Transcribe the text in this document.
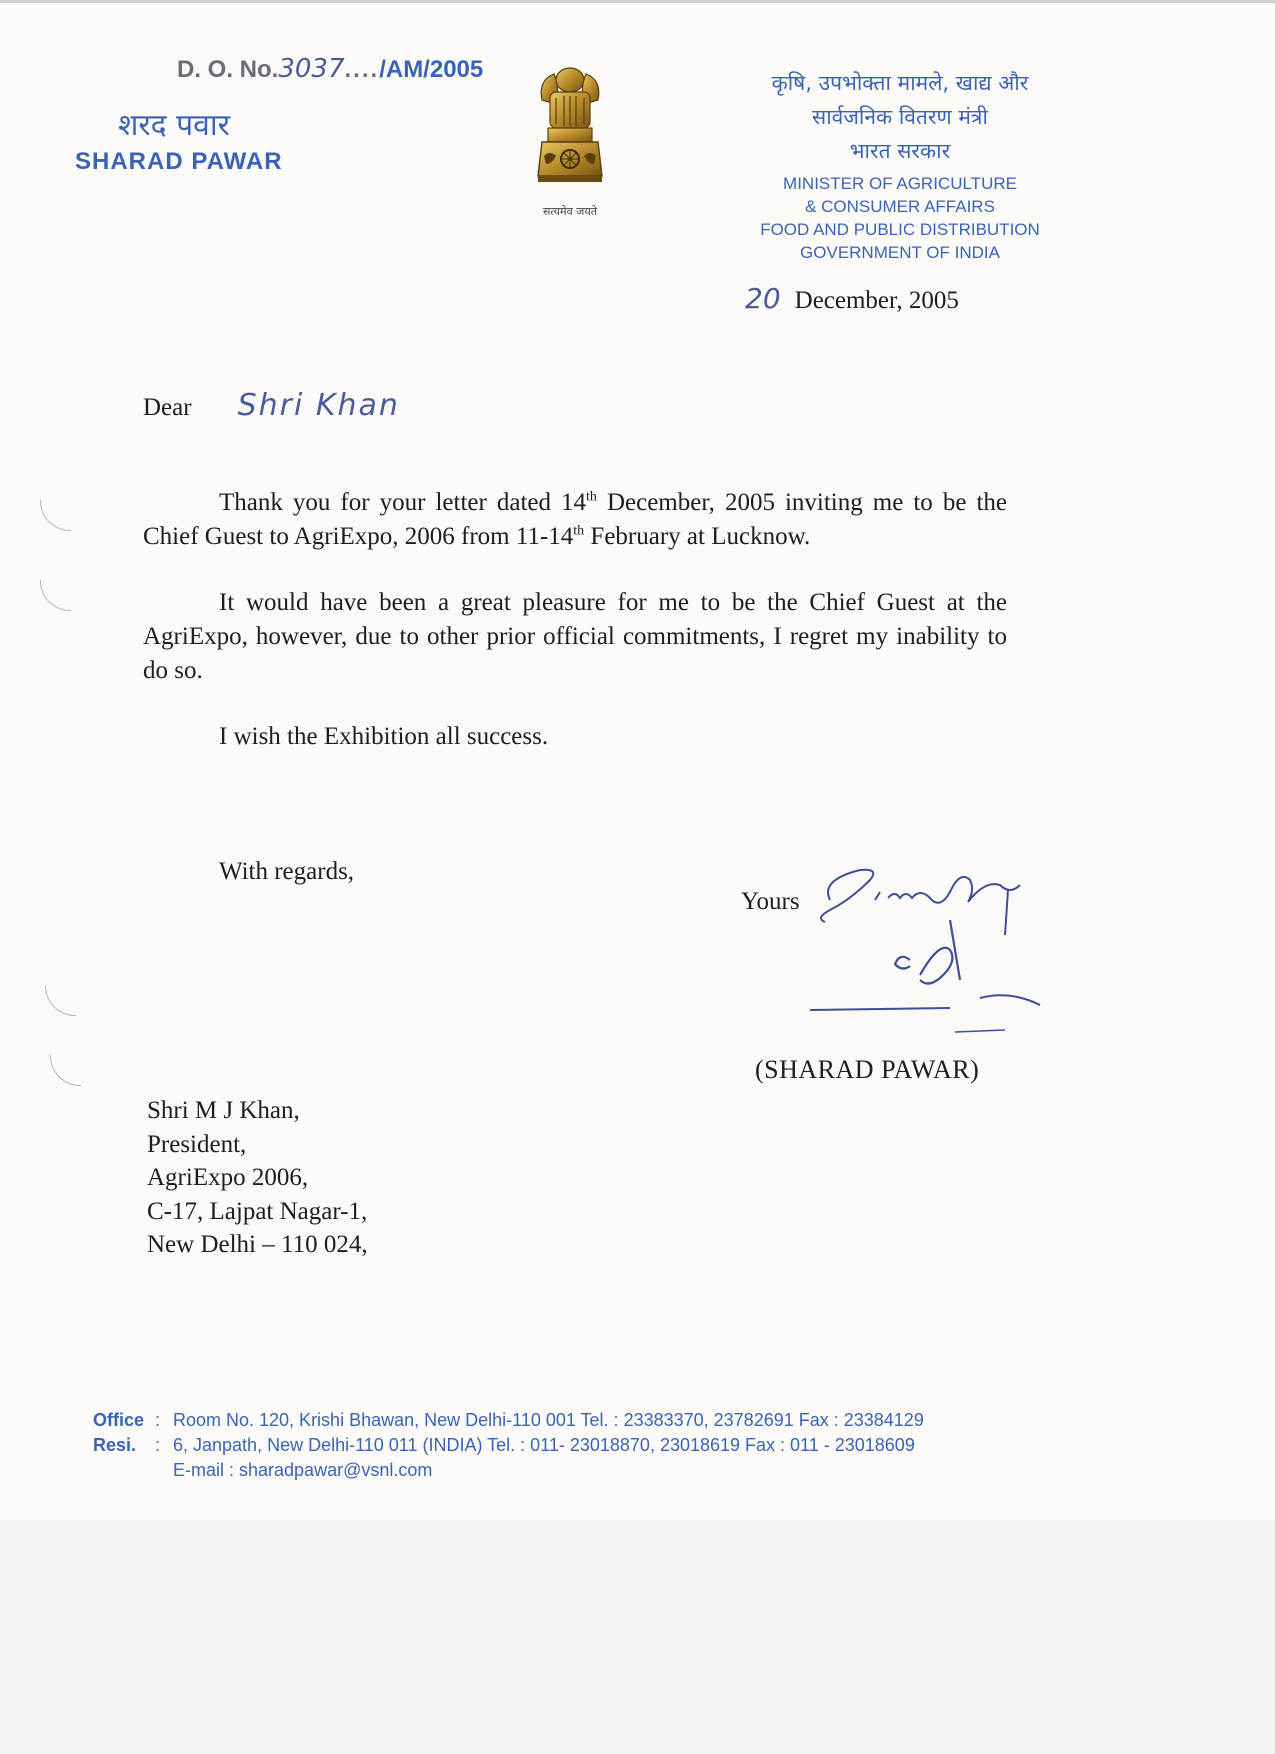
D. O. No.3037..../AM/2005
शरद पवार
SHARAD PAWAR
सत्यमेव जयते
कृषि, उपभोक्ता मामले, खाद्य और
सार्वजनिक वितरण मंत्री
भारत सरकार
MINISTER OF AGRICULTURE
& CONSUMER AFFAIRS
FOOD AND PUBLIC DISTRIBUTION
GOVERNMENT OF INDIA
20 December, 2005
Dear Shri Khan

Thank you for your letter dated 14th December, 2005 inviting me to be the Chief Guest to AgriExpo, 2006 from 11-14th February at Lucknow.

It would have been a great pleasure for me to be the Chief Guest at the AgriExpo, however, due to other prior official commitments, I regret my inability to do so.

I wish the Exhibition all success.

With regards,
Yours
(SHARAD PAWAR)
Shri M J Khan,
President,
AgriExpo 2006,
C-17, Lajpat Nagar-1,
New Delhi – 110 024,
Office : Room No. 120, Krishi Bhawan, New Delhi-110 001 Tel. : 23383370, 23782691 Fax : 23384129
Resi. : 6, Janpath, New Delhi-110 011 (INDIA) Tel. : 011- 23018870, 23018619 Fax : 011 - 23018609
E-mail : sharadpawar@vsnl.com
